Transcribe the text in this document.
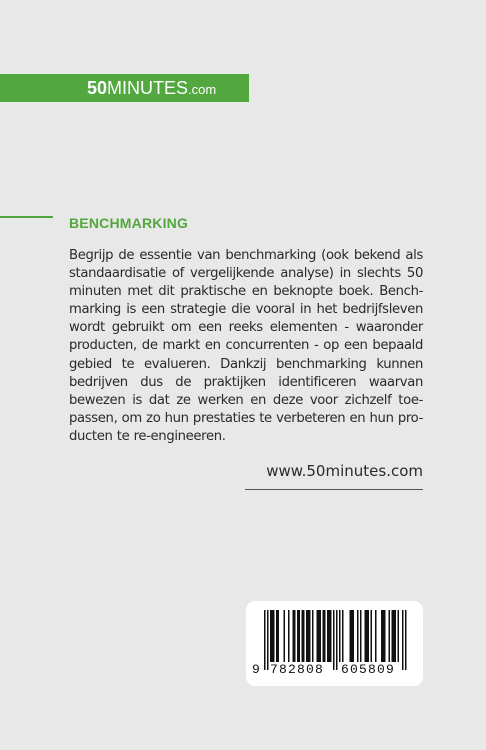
50MINUTES.com
BENCHMARKING

Begrijp de essentie van benchmarking (ook bekend als standaardisatie of vergelijkende analyse) in slechts 50 minuten met dit praktische en beknopte boek. Bench-marking is een strategie die vooral in het bedrijfsleven wordt gebruikt om een reeks elementen - waaronder producten, de markt en concurrenten - op een bepaald gebied te evalueren. Dankzij benchmarking kunnen bedrijven dus de praktijken identificeren waarvan bewezen is dat ze werken en deze voor zichzelf toe-passen, om zo hun prestaties te verbeteren en hun pro-ducten te re-engineeren.

www.50minutes.com
9 782808 605809
